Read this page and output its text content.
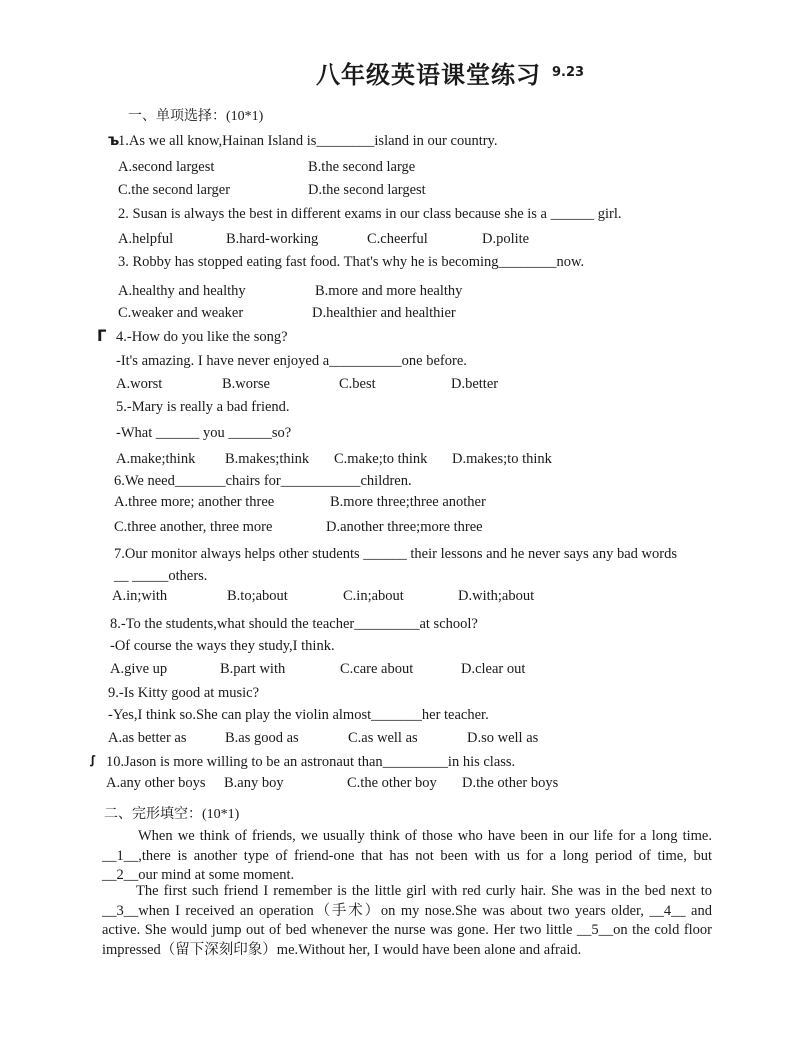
八年级英语课堂练习 9.23
一、单项选择：(10*1)
ъ
1.As we all know,Hainan Island is________island in our country.
A.second largest	B.the second large
C.the second larger	D.the second largest
2. Susan is always the best in different exams in our class because she is a ______ girl.
A.helpful	B.hard-working	C.cheerful	D.polite
3. Robby has stopped eating fast food. That's why he is becoming________now.
A.healthy and healthy	B.more and more healthy
C.weaker and weaker	D.healthier and healthier
ᒥ 4.-How do you like the song?
-It's amazing. I have never enjoyed a__________one before.
A.worst	B.worse	C.best	D.better
5.-Mary is really a bad friend.
-What ______ you ______so?
A.make;think B.makes;think C.make;to think D.makes;to think
6.We need_______chairs for___________children.
A.three more; another three	B.more three;three another
C.three another, three more	D.another three;more three
7.Our monitor always helps other students ______ their lessons and he never says any bad words
__ _____others.
A.in;with	B.to;about	C.in;about	D.with;about
8.-To the students,what should the teacher_________at school?
-Of course the ways they study,I think.
A.give up	B.part with	C.care about	D.clear out
9.-Is Kitty good at music?
-Yes,I think so.She can play the violin almost_______her teacher.
A.as better as	B.as good as	C.as well as	D.so well as
ꭍ 10.Jason is more willing to be an astronaut than_________in his class.
A.any other boys B.any boy	C.the other boy D.the other boys
二、完形填空：(10*1)
When we think of friends, we usually think of those who have been in our life for a long time. __1__,there is another type of friend-one that has not been with us for a long period of time, but __2__our mind at some moment.
The first such friend I remember is the little girl with red curly hair. She was in the bed next to __3__when I received an operation（手术）on my nose.She was about two years older, __4__ and active. She would jump out of bed whenever the nurse was gone. Her two little __5__on the cold floor impressed（留下深刻印象）me.Without her, I would have been alone and afraid.
